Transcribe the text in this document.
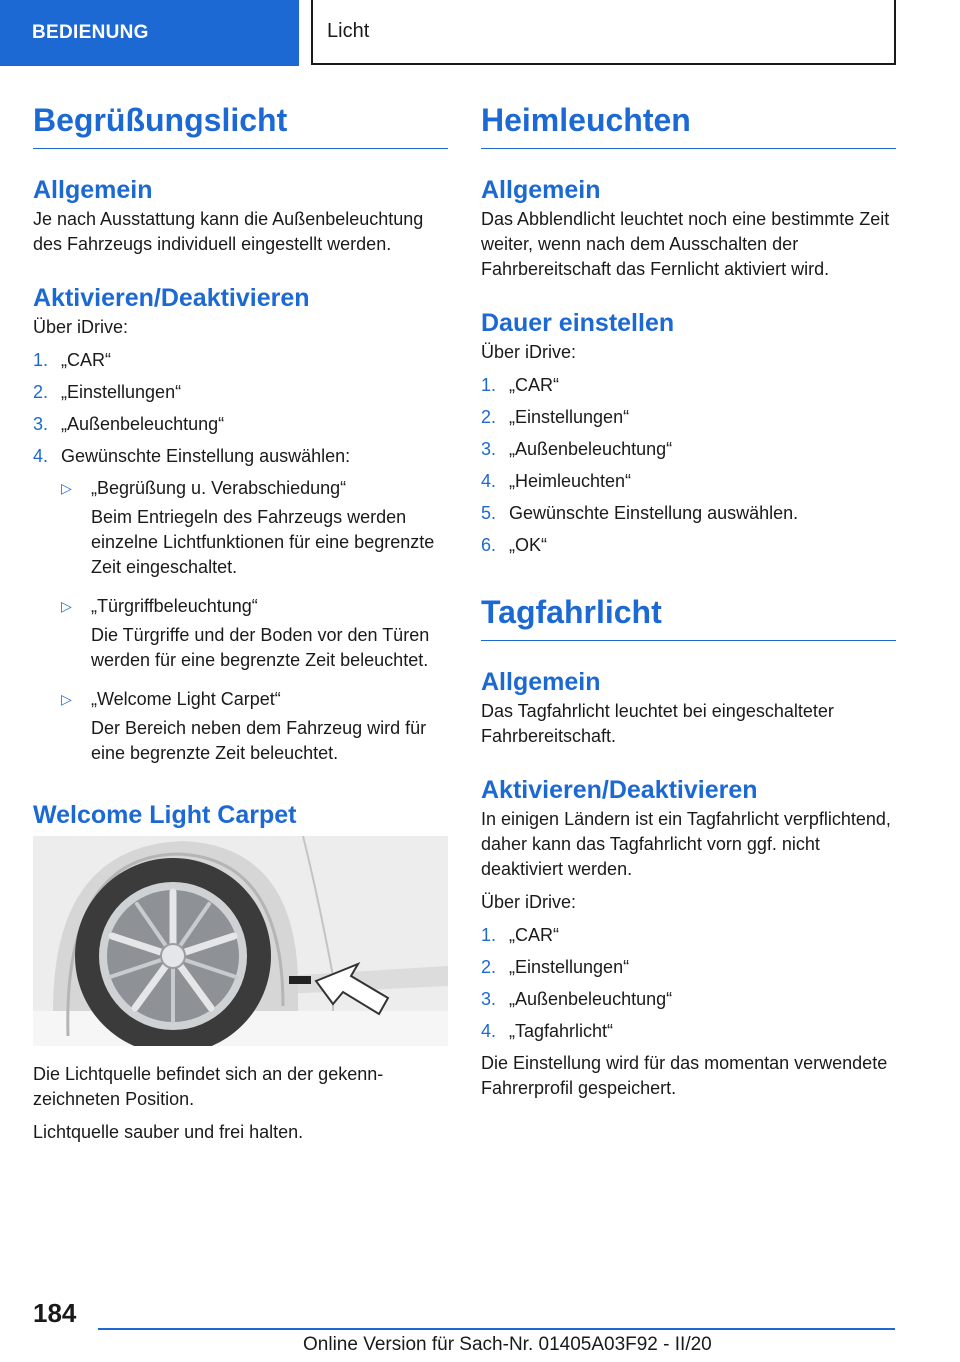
BEDIENUNG	Licht
Begrüßungslicht
Allgemein

Je nach Ausstattung kann die Außenbeleuchtung des Fahrzeugs individuell eingestellt werden.

Aktivieren/Deaktivieren

Über iDrive:

1. „CAR“
2. „Einstellungen“
3. „Außenbeleuchtung“
4. Gewünschte Einstellung auswählen:
▷	„Begrüßung u. Verabschiedung“

Beim Entriegeln des Fahrzeugs werden einzelne Lichtfunktionen für eine begrenzte Zeit eingeschaltet.

▷	„Türgriffbeleuchtung“

Die Türgriffe und der Boden vor den Türen werden für eine begrenzte Zeit beleuchtet.

▷	„Welcome Light Carpet“

Der Bereich neben dem Fahrzeug wird für eine begrenzte Zeit beleuchtet.

Welcome Light Carpet

Die Lichtquelle befindet sich an der gekennzeichneten Position.

Lichtquelle sauber und frei halten.

Heimleuchten
Allgemein

Das Abblendlicht leuchtet noch eine bestimmte Zeit weiter, wenn nach dem Ausschalten der Fahrbereitschaft das Fernlicht aktiviert wird.

Dauer einstellen

Über iDrive:

1. „CAR“
2. „Einstellungen“
3. „Außenbeleuchtung“
4. „Heimleuchten“
5. Gewünschte Einstellung auswählen.
6. „OK“
Tagfahrlicht
Allgemein

Das Tagfahrlicht leuchtet bei eingeschalteter Fahrbereitschaft.

Aktivieren/Deaktivieren

In einigen Ländern ist ein Tagfahrlicht verpflichtend, daher kann das Tagfahrlicht vorn ggf. nicht deaktiviert werden.

Über iDrive:

1. „CAR“
2. „Einstellungen“
3. „Außenbeleuchtung“
4. „Tagfahrlicht“

Die Einstellung wird für das momentan verwendete Fahrerprofil gespeichert.

184
Online Version für Sach-Nr. 01405A03F92 - II/20
